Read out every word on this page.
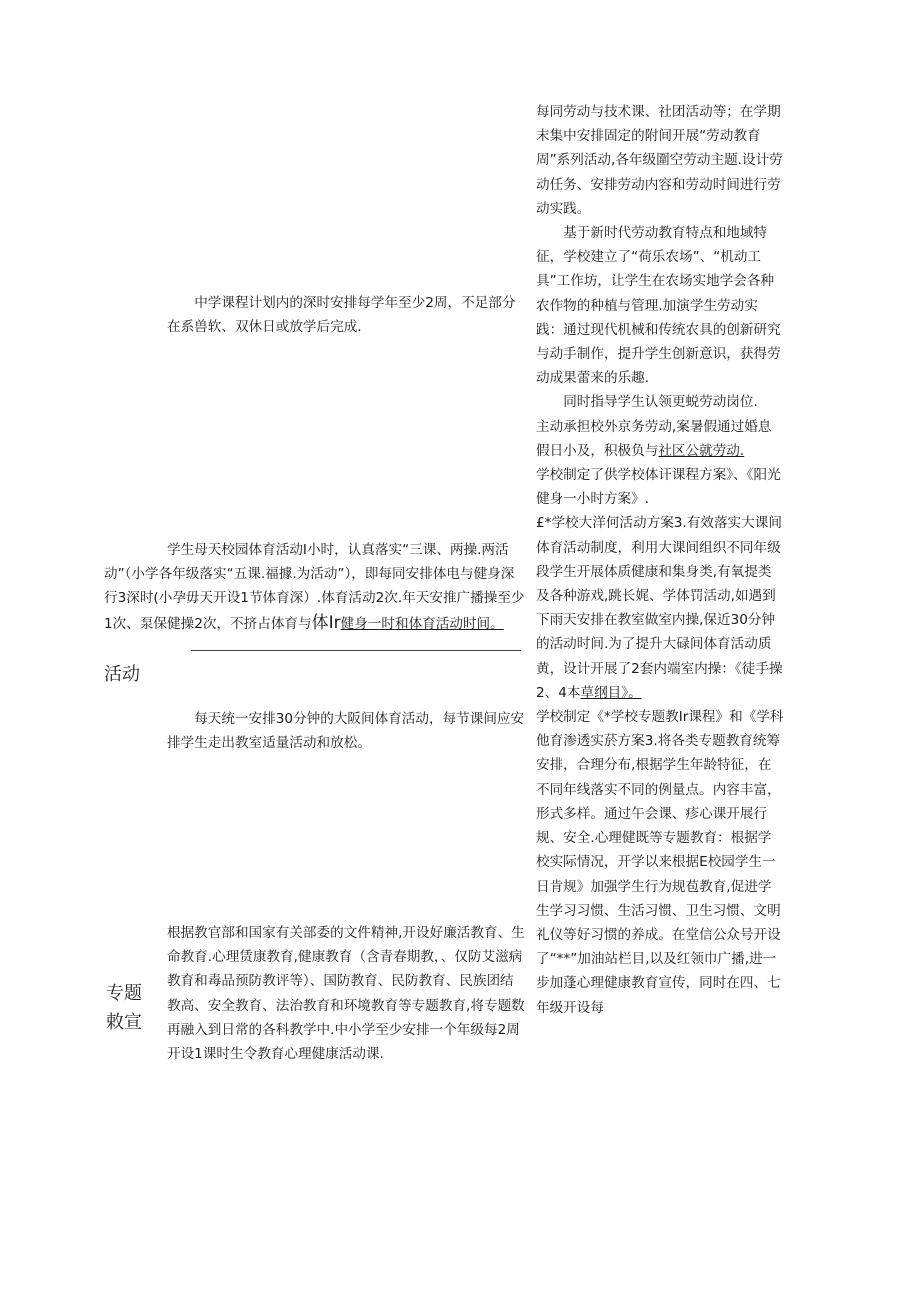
活动
专题
敕宣

中学课程计划内的深时安排每学年至少2周，不足部分在系兽软、双休日或放学后完成.

学生母天校园体育活动I小时，认真落实“三课、两操.两活动”（小学各年级落实“五课.福據.为活动”），即每同安排体电与健身深行3深时(小孕毋天开设1节体育深）.体育活动2次.年天安推广播操至少1次、泵保健操2次，不挤占体育与体Ir健身一时和体育活动时间。

每天统一安排30分钟的大阪间体育活动，每节课间应安排学生走出教室适量活动和放松。

根据教官部和国家有关部委的文件精神,开设好廉活教育、生命教育.心理赁康教育,健康教育（含青春期教，、仅防艾滋病教育和毒品预防教评等）、国防教育、民防教育、民族团结教高、安全教育、法治教育和环境教育等专题教育,将专题数再融入到日常的各科教学中.中小学至少安排一个年级每2周开设1课时生令教育心理健康活动课.

每同劳动与技术课、社团活动等；在学期末集中安排固定的附间开展“劳动教育周”系列活动,各年级圍空劳动主题.设计劳动任务、安排劳动内容和劳动时间进行劳动实践。

基于新时代劳动教育特点和地域特征，学校建立了“荷乐农场”、“机动工具”工作坊，让学生在农场实地学会各种农作物的种植与管理.加演学生劳动实践：通过现代机械和传统农具的创新研究与动手制作，提升学生创新意识，获得劳动成果蕾来的乐趣.

同时指导学生认领更蜕劳动岗位.

主动承担校外京务劳动,案暑假通过婚息假日小及，积极负与社区公就劳动.

学校制定了供学校体讦课程方案》、《阳光健身一小时方案》.

£*学校大洋何活动方案3.有效落实大课间体育活动制度，利用大课间组织不同年级段学生开展体质健康和集身类,有氧提类及各种游戏,跳长娓、学体罚活动,如遇到下雨天安排在教室做室内操,保近30分钟的活动时间.为了提升大碌间体育活动质黄，设计开展了2套内端室内操：《徒手操2、4本草纲目》。

学校制定《*学校专题教Ir课程》和《学科他育渗透实菸方案3.将各类专题教育统筹安排，合理分布,根据学生年龄特征，在不同年线落实不同的例量点。内容丰富，形式多样。通过午会课、疹心课开展行规、安全.心理健既等专题教育：根据学校实际情况，开学以来根据E校园学生一日肯规》加强学生行为规苞教育,促进学生学习习惯、生活习惯、卫生习惯、文明礼仪等好习惯的养成。在堂信公众号开设了“**”加油站栏目,以及红领巾广播,进一步加蓬心理健康教育宣传，同时在四、七年级开设每
